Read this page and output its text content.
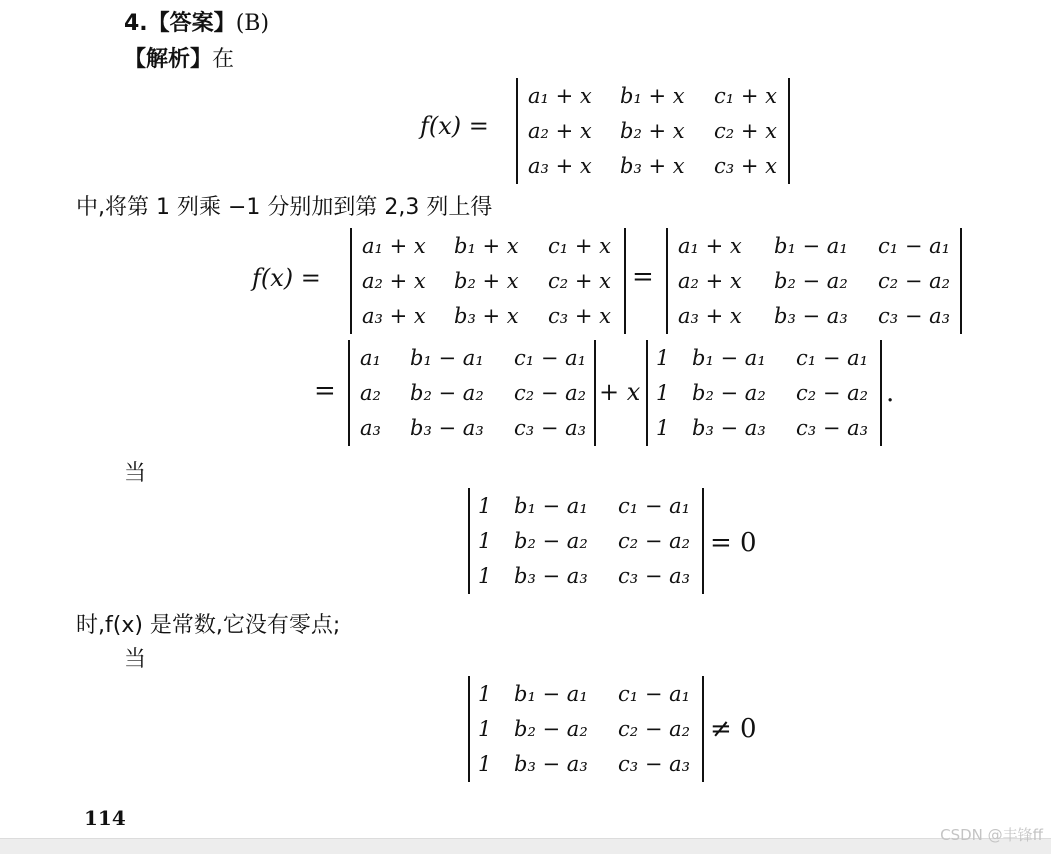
4.【答案】(B)
【解析】在
f(x) =
a₁ + x	b₁ + x	c₁ + x
a₂ + x	b₂ + x	c₂ + x
a₃ + x	b₃ + x	c₃ + x
中,将第 1 列乘 −1 分别加到第 2,3 列上得
f(x) =
a₁ + x	b₁ + x	c₁ + x
a₂ + x	b₂ + x	c₂ + x
a₃ + x	b₃ + x	c₃ + x
=
a₁ + x	b₁ − a₁	c₁ − a₁
a₂ + x	b₂ − a₂	c₂ − a₂
a₃ + x	b₃ − a₃	c₃ − a₃
=
a₁	b₁ − a₁	c₁ − a₁
a₂	b₂ − a₂	c₂ − a₂
a₃	b₃ − a₃	c₃ − a₃
+ x
1	b₁ − a₁	c₁ − a₁
1	b₂ − a₂	c₂ − a₂
1	b₃ − a₃	c₃ − a₃
.
当
1	b₁ − a₁	c₁ − a₁
1	b₂ − a₂	c₂ − a₂
1	b₃ − a₃	c₃ − a₃
= 0
时,f(x) 是常数,它没有零点;
当
1	b₁ − a₁	c₁ − a₁
1	b₂ − a₂	c₂ − a₂
1	b₃ − a₃	c₃ − a₃
≠ 0
114
CSDN @丰锋ff
